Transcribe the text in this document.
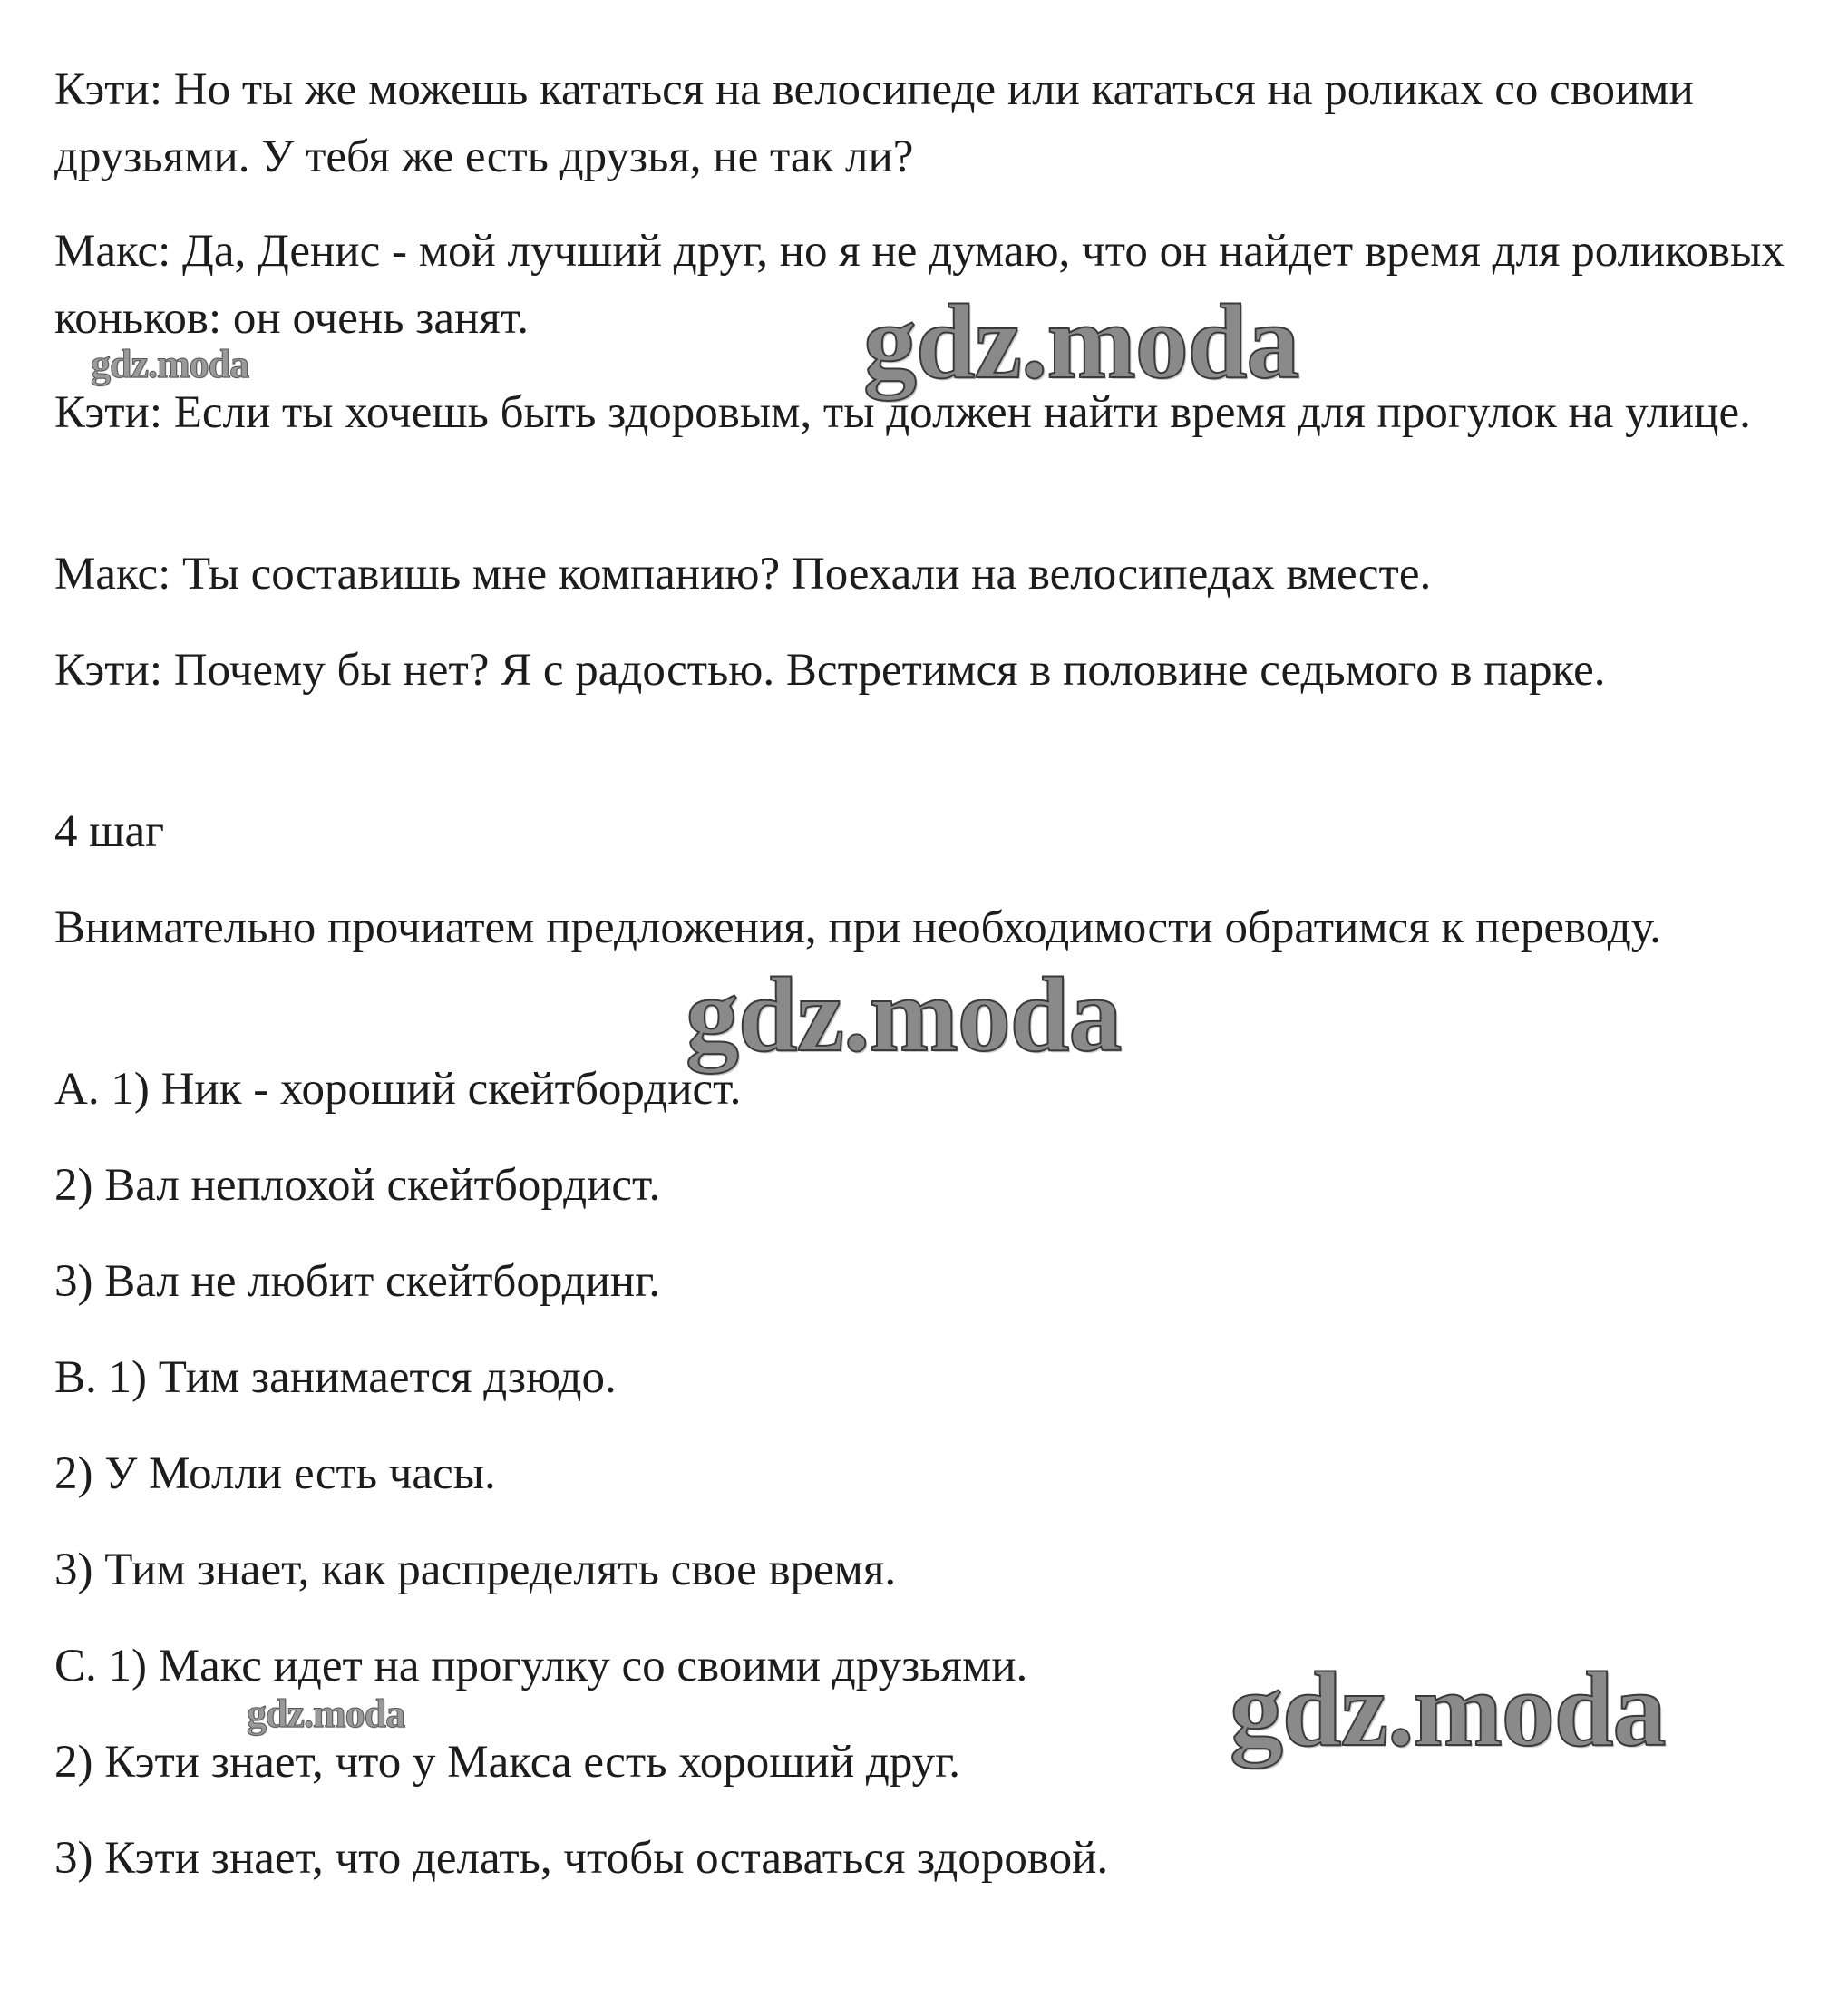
Кэти: Но ты же можешь кататься на велосипеде или кататься на роликах со своими друзьями. У тебя же есть друзья, не так ли?

Макс: Да, Денис - мой лучший друг, но я не думаю, что он найдет время для роликовых коньков: он очень занят.

Кэти: Если ты хочешь быть здоровым, ты должен найти время для прогулок на улице.

Макс: Ты составишь мне компанию? Поехали на велосипедах вместе.

Кэти: Почему бы нет? Я с радостью. Встретимся в половине седьмого в парке.

4 шаг

Внимательно прочиатем предложения, при необходимости обратимся к переводу.

А. 1) Ник - хороший скейтбордист.

2) Вал неплохой скейтбордист.

3) Вал не любит скейтбординг.

В. 1) Тим занимается дзюдо.

2) У Молли есть часы.

3) Тим знает, как распределять свое время.

С. 1) Макс идет на прогулку со своими друзьями.

2) Кэти знает, что у Макса есть хороший друг.

3) Кэти знает, что делать, чтобы оставаться здоровой.

gdz.moda
gdz.moda
gdz.moda
gdz.moda
gdz.moda
